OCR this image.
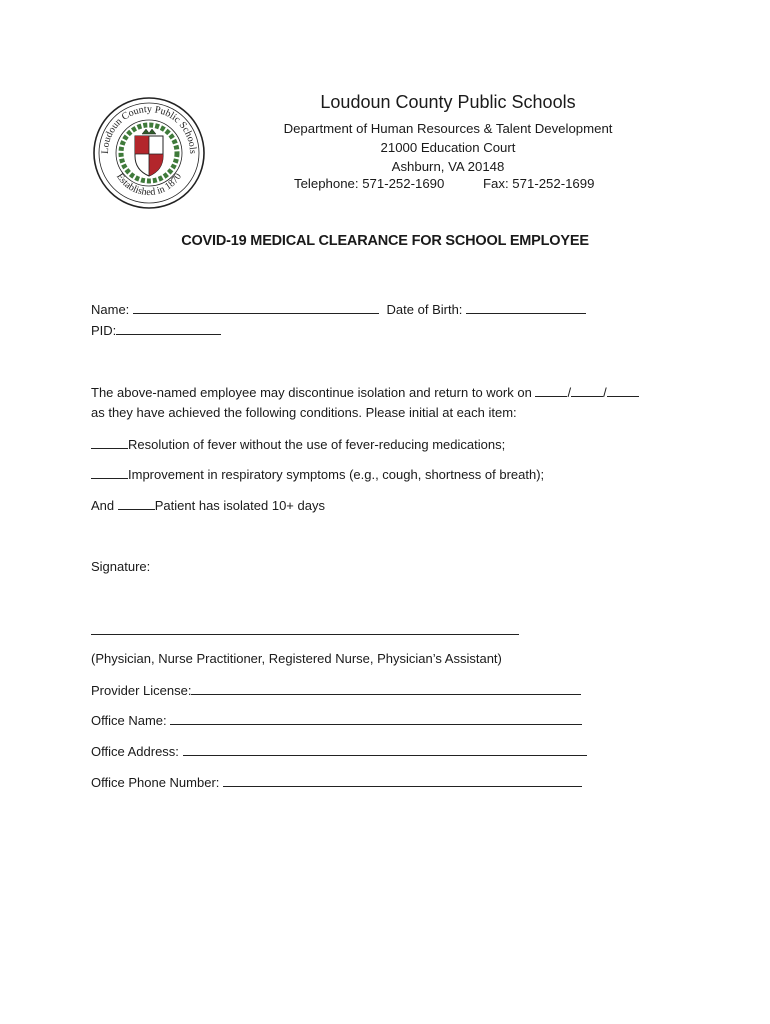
Loudoun County Public Schools
Established in 1870
Loudoun County Public Schools
Department of Human Resources & Talent Development
21000 Education Court
Ashburn, VA 20148
Telephone: 571-252-1690	Fax: 571-252-1699
COVID-19 MEDICAL CLEARANCE FOR SCHOOL EMPLOYEE
Name:	Date of Birth:
PID:
The above-named employee may discontinue isolation and return to work on	/ /
as they have achieved the following conditions. Please initial at each item:
Resolution of fever without the use of fever-reducing medications;
Improvement in respiratory symptoms (e.g., cough, shortness of breath);
And	Patient has isolated 10+ days
Signature:
(Physician, Nurse Practitioner, Registered Nurse, Physician’s Assistant)
Provider License:
Office Name:
Office Address:
Office Phone Number:
